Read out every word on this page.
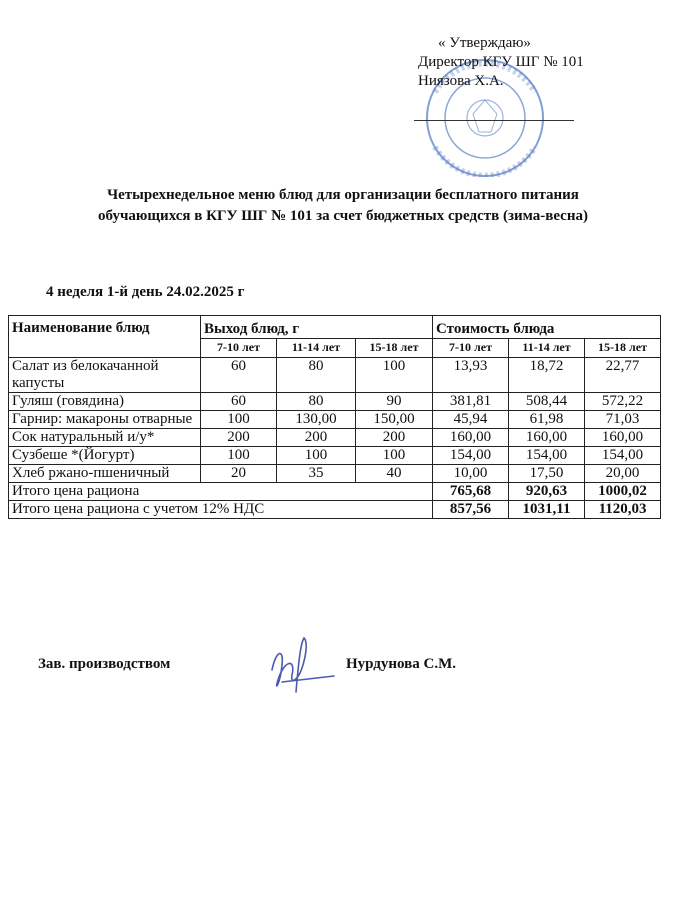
« Утверждаю»
Директор КГУ ШГ № 101
Ниязова Х.А.
Четырехнедельное меню блюд для организации бесплатного питания
обучающихся в КГУ ШГ № 101 за счет бюджетных средств (зима-весна)
4 неделя 1-й день 24.02.2025 г
Наименование блюд	Выход блюд, г			Стоимость блюда		
	7-10 лет	11-14 лет	15-18 лет	7-10 лет	11-14 лет	15-18 лет
Салат из белокачанной капусты	60	80	100	13,93	18,72	22,77
Гуляш (говядина)	60	80	90	381,81	508,44	572,22
Гарнир: макароны отварные	100	130,00	150,00	45,94	61,98	71,03
Сок натуральный и/у*	200	200	200	160,00	160,00	160,00
Сузбеше *(Йогурт)	100	100	100	154,00	154,00	154,00
Хлеб ржано-пшеничный	20	35	40	10,00	17,50	20,00
Итого цена рациона				765,68	920,63	1000,02
Итого цена рациона с учетом 12% НДС				857,56	1031,11	1120,03
Зав. производством	Нурдунова С.М.
